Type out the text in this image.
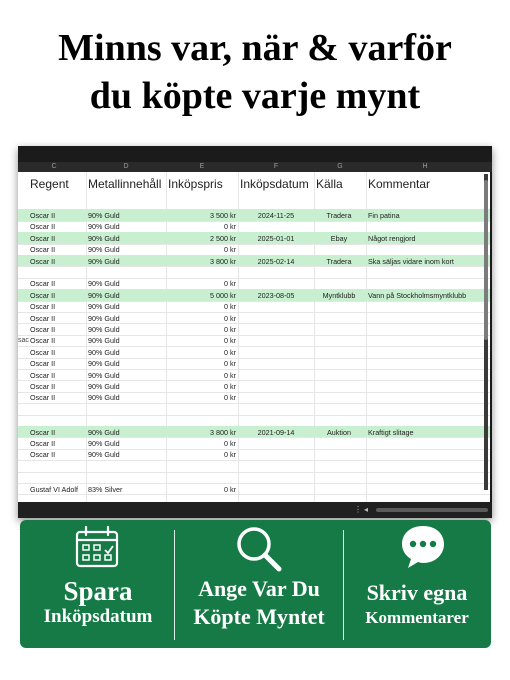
Minns var, när & varför
du köpte varje mynt
C	D	E	F	G	H
Regent Metallinnehåll Inköpspris Inköpsdatum Källa Kommentar
Oscar II	90% Guld	3 500 kr	2024-11-25	Tradera	Fin patina
Oscar II	90% Guld	0 kr
Oscar II	90% Guld	2 500 kr	2025-01-01	Ebay	Något rengjord
Oscar II	90% Guld	0 kr
Oscar II	90% Guld	3 800 kr	2025-02-14	Tradera	Ska säljas vidare inom kort
Oscar II	90% Guld	0 kr
Oscar II	90% Guld	5 000 kr	2023-08-05	Myntklubb	Vann på Stockholmsmyntklubb
Oscar II	90% Guld	0 kr
Oscar II	90% Guld	0 kr
Oscar II	90% Guld	0 kr
sac Oscar II	90% Guld	0 kr
Oscar II	90% Guld	0 kr
Oscar II	90% Guld	0 kr
Oscar II	90% Guld	0 kr
Oscar II	90% Guld	0 kr
Oscar II	90% Guld	0 kr
Oscar II	90% Guld	3 800 kr	2021-09-14	Auktion	Kraftigt slitage
Oscar II	90% Guld	0 kr
Oscar II	90% Guld	0 kr
Gustaf VI Adolf	83% Silver	0 kr
⋮ ◂
Spara
Inköpsdatum
Ange Var Du
Köpte Myntet
Skriv egna
Kommentarer
